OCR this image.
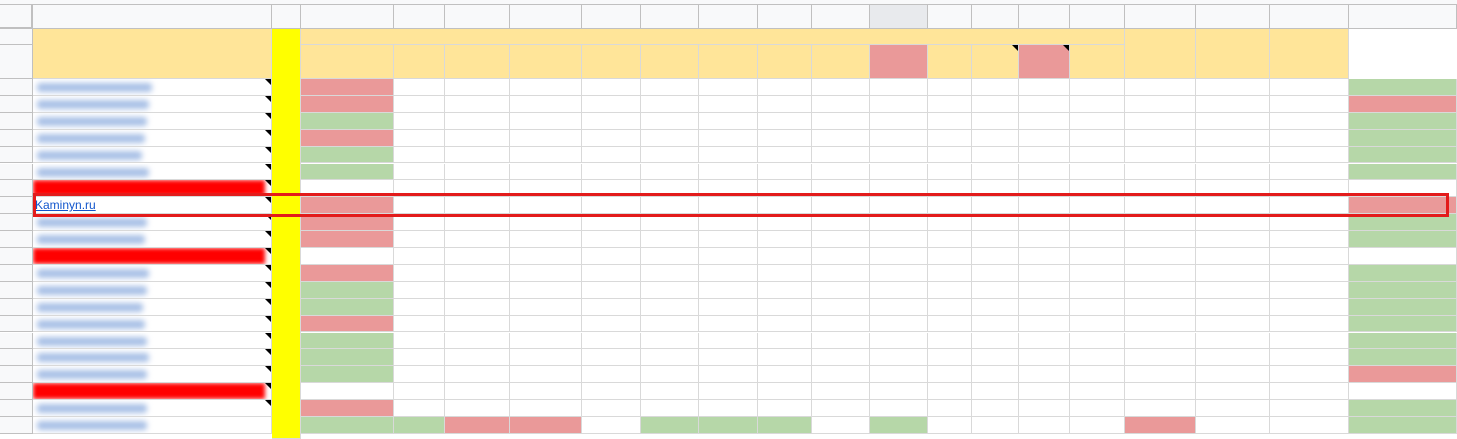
Kaminyn.ru
